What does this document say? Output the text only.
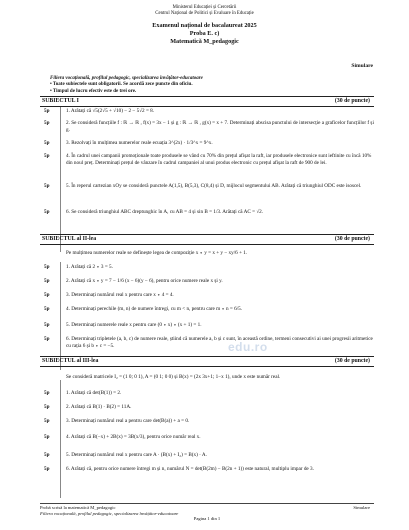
Ministerul Educației și Cercetării
Centrul Național de Politici și Evaluare în Educație
Examenul național de bacalaureat 2025
Proba E. c)
Matematică M_pedagogic
Simulare
Filiera vocațională, profilul pedagogic, specializarea învățător-educatoare
• Toate subiectele sunt obligatorii. Se acordă zece puncte din oficiu.
• Timpul de lucru efectiv este de trei ore.
SUBIECTUL I	(30 de puncte)
5p	1. Arătați că √5(2√5 + √10) − 2 − 5√2 = 8.
5p	2. Se consideră funcțiile f : ℝ → ℝ , f(x) = 3x − 1 și g : ℝ → ℝ , g(x) = x + 7. Determinați abscisa punctului de intersecție a graficelor funcțiilor f și g.
5p	3. Rezolvați în mulțimea numerelor reale ecuația 3^(2x) · 1/3^x = 9^x.
5p	4. În cadrul unei campanii promoționale toate produsele se vând cu 70% din prețul afișat la raft, iar produsele electronice sunt ieftinite cu încă 10% din noul preț. Determinați prețul de vânzare în cadrul campaniei al unui produs electronic cu prețul afișat la raft de 900 de lei.
5p	5. În reperul cartezian xOy se consideră punctele A(1,5), B(5,3), C(8,4) și D, mijlocul segmentului AB. Arătați că triunghiul ODC este isoscel.
5p	6. Se consideră triunghiul ABC dreptunghic în A, cu AB = 4 și sin B = 1/3. Arătați că AC = √2.
SUBIECTUL al II-lea	(30 de puncte)
Pe mulțimea numerelor reale se definește legea de compoziție x ∘ y = x + y − xy/6 + 1.
5p	1. Arătați că 2 ∘ 3 = 5.
5p	2. Arătați că x ∘ y = 7 − 1/6 (x − 6)(y − 6), pentru orice numere reale x și y.
5p	3. Determinați numărul real x pentru care x ∘ 4 = 4.
5p	4. Determinați perechile (m, n) de numere întregi, cu m < n, pentru care m ∘ n = 6/5.
5p	5. Determinați numerele reale x pentru care (0 ∘ x) ∘ (x + 1) = 1.
5p	6. Determinați tripletele (a, b, c) de numere reale, știind că numerele a, b și c sunt, în această ordine, termeni consecutivi ai unei progresii aritmetice cu rația 6 și b ∘ c = −5.
SUBIECTUL al III-lea	(30 de puncte)
Se consideră matricele I₂ = (1 0; 0 1), A = (0 1; 0 0) și B(x) = (2x 3x+1; 1−x 1), unde x este număr real.
5p	1. Arătați că det(B(1)) = 2.
5p	2. Arătați că B(1) · B(2) = 11A.
5p	3. Determinați numărul real a pentru care det(B(a)) + a = 0.
5p	4. Arătați că B(−x) + 2B(x) = 3B(x/3), pentru orice număr real x.
5p	5. Determinați numărul real x pentru care A · (B(x) + I₂) = B(x) · A.
5p	6. Arătați că, pentru orice numere întregi m și n, numărul N = det(B(2m) − B(2n + 1)) este natural, multiplu impar de 3.
edu.ro
Probă scrisă la matematică M_pedagogic	Simulare
Filiera vocațională, profilul pedagogic, specializarea învățător-educatoare
Pagina 1 din 1
